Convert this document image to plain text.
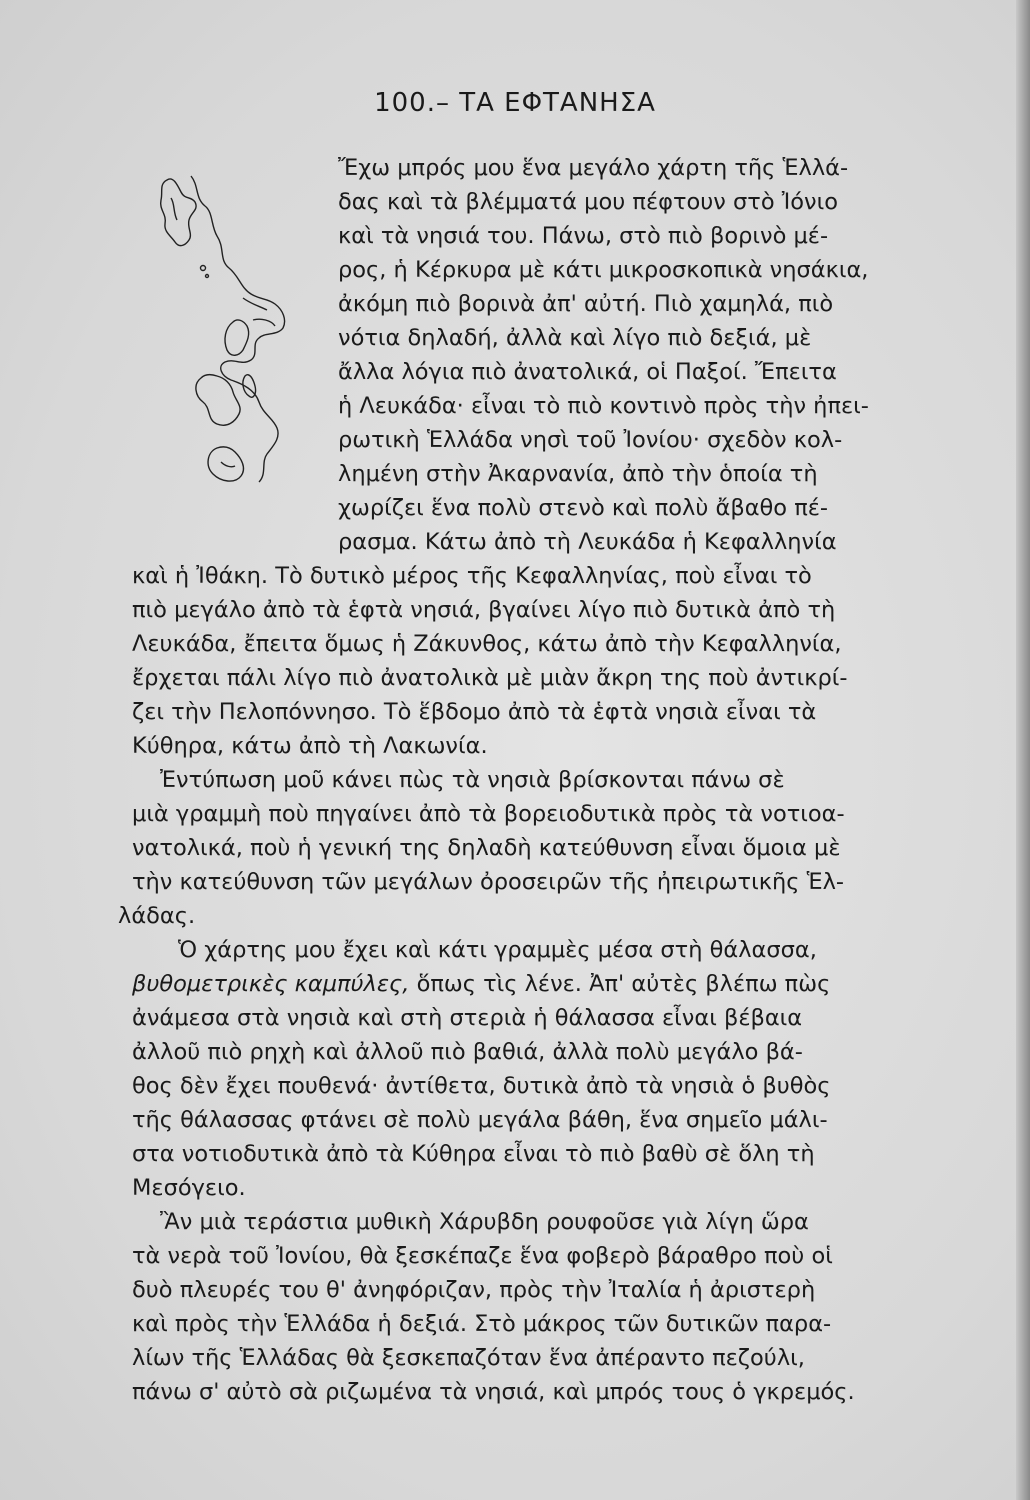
100.– ΤΑ ΕΦΤΑΝΗΣΑ
Ἔχω μπρός μου ἕνα μεγάλο χάρτη τῆς Ἑλλά-
δας καὶ τὰ βλέμματά μου πέφτουν στὸ Ἰόνιο
καὶ τὰ νησιά του. Πάνω, στὸ πιὸ βορινὸ μέ-
ρος, ἡ Κέρκυρα μὲ κάτι μικροσκοπικὰ νησάκια,
ἀκόμη πιὸ βορινὰ ἀπ' αὐτή. Πιὸ χαμηλά, πιὸ
νότια δηλαδή, ἀλλὰ καὶ λίγο πιὸ δεξιά, μὲ
ἄλλα λόγια πιὸ ἀνατολικά, οἱ Παξοί. Ἔπειτα
ἡ Λευκάδα· εἶναι τὸ πιὸ κοντινὸ πρὸς τὴν ἠπει-
ρωτικὴ Ἑλλάδα νησὶ τοῦ Ἰονίου· σχεδὸν κολ-
λημένη στὴν Ἀκαρνανία, ἀπὸ τὴν ὁποία τὴ
χωρίζει ἕνα πολὺ στενὸ καὶ πολὺ ἄβαθο πέ-
ρασμα. Κάτω ἀπὸ τὴ Λευκάδα ἡ Κεφαλληνία
καὶ ἡ Ἰθάκη. Τὸ δυτικὸ μέρος τῆς Κεφαλληνίας, ποὺ εἶναι τὸ
πιὸ μεγάλο ἀπὸ τὰ ἑφτὰ νησιά, βγαίνει λίγο πιὸ δυτικὰ ἀπὸ τὴ
Λευκάδα, ἔπειτα ὅμως ἡ Ζάκυνθος, κάτω ἀπὸ τὴν Κεφαλληνία,
ἔρχεται πάλι λίγο πιὸ ἀνατολικὰ μὲ μιὰν ἄκρη της ποὺ ἀντικρί-
ζει τὴν Πελοπόννησο. Τὸ ἕβδομο ἀπὸ τὰ ἑφτὰ νησιὰ εἶναι τὰ
Κύθηρα, κάτω ἀπὸ τὴ Λακωνία.
Ἐντύπωση μοῦ κάνει πὼς τὰ νησιὰ βρίσκονται πάνω σὲ
μιὰ γραμμὴ ποὺ πηγαίνει ἀπὸ τὰ βορειοδυτικὰ πρὸς τὰ νοτιοα-
νατολικά, ποὺ ἡ γενική της δηλαδὴ κατεύθυνση εἶναι ὅμοια μὲ
τὴν κατεύθυνση τῶν μεγάλων ὀροσειρῶν τῆς ἠπειρωτικῆς Ἑλ-
λάδας.
Ὁ χάρτης μου ἔχει καὶ κάτι γραμμὲς μέσα στὴ θάλασσα,
βυθομετρικὲς καμπύλες, ὅπως τὶς λένε. Ἀπ' αὐτὲς βλέπω πὼς
ἀνάμεσα στὰ νησιὰ καὶ στὴ στεριὰ ἡ θάλασσα εἶναι βέβαια
ἀλλοῦ πιὸ ρηχὴ καὶ ἀλλοῦ πιὸ βαθιά, ἀλλὰ πολὺ μεγάλο βά-
θος δὲν ἔχει πουθενά· ἀντίθετα, δυτικὰ ἀπὸ τὰ νησιὰ ὁ βυθὸς
τῆς θάλασσας φτάνει σὲ πολὺ μεγάλα βάθη, ἕνα σημεῖο μάλι-
στα νοτιοδυτικὰ ἀπὸ τὰ Κύθηρα εἶναι τὸ πιὸ βαθὺ σὲ ὅλη τὴ
Μεσόγειο.
Ἂν μιὰ τεράστια μυθικὴ Χάρυβδη ρουφοῦσε γιὰ λίγη ὥρα
τὰ νερὰ τοῦ Ἰονίου, θὰ ξεσκέπαζε ἕνα φοβερὸ βάραθρο ποὺ οἱ
δυὸ πλευρές του θ' ἀνηφόριζαν, πρὸς τὴν Ἰταλία ἡ ἀριστερὴ
καὶ πρὸς τὴν Ἑλλάδα ἡ δεξιά. Στὸ μάκρος τῶν δυτικῶν παρα-
λίων τῆς Ἑλλάδας θὰ ξεσκεπαζόταν ἕνα ἀπέραντο πεζούλι,
πάνω σ' αὐτὸ σὰ ριζωμένα τὰ νησιά, καὶ μπρός τους ὁ γκρεμός.
